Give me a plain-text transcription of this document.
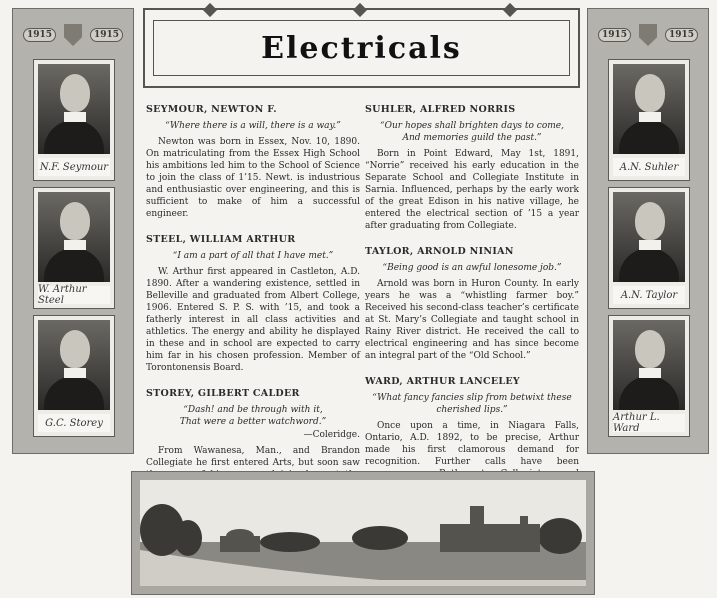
1915	1915
N.F. Seymour
W. Arthur Steel
G.C. Storey
Electricals
SEYMOUR, NEWTON F.
“Where there is a will, there is a way.”
Newton was born in Essex, Nov. 10, 1890. On matriculating from the Essex High School his ambitions led him to the School of Science to join the class of 1’15. Newt. is industrious and enthusiastic over engineering, and this is sufficient to make of him a successful engineer.
STEEL, WILLIAM ARTHUR
“I am a part of all that I have met.”
W. Arthur first appeared in Castleton, A.D. 1890. After a wandering existence, settled in Belleville and graduated from Albert College, 1906. Entered S. P. S. with ’15, and took a fatherly interest in all class activities and athletics. The energy and ability he displayed in these and in school are expected to carry him far in his chosen profession. Member of Torontonensis Board.
STOREY, GILBERT CALDER
“Dash! and be through with it,
That were a better watchword.”
—Coleridge.
From Wawanesa, Man., and Brandon Collegiate he first entered Arts, but soon saw
SUHLER, ALFRED NORRIS
“Our hopes shall brighten days to come,
And memories guild the past.”
Born in Point Edward, May 1st, 1891, “Norrie” received his early education in the Separate School and Collegiate Institute in Sarnia. Influenced, perhaps by the early work of the great Edison in his native village, he entered the electrical section of ’15 a year after graduating from Collegiate.
TAYLOR, ARNOLD NINIAN
“Being good is an awful lonesome job.”
Arnold was born in Huron County. In early years he was a “whistling farmer boy.” Received his second-class teacher’s certificate at St. Mary’s Collegiate and taught school in Rainy River district. He received the call to electrical engineering and has since become an integral part of the “Old School.”
WARD, ARTHUR LANCELEY
“What fancy fancies slip from betwixt these
cherished lips.”
Once upon a time, in Niagara Falls, Ontario, A.D. 1892, to be precise, Arthur made his first clamorous demand for recognition. Further calls have been
1915	1915
A.N. Suhler
A.N. Taylor
Arthur L. Ward
